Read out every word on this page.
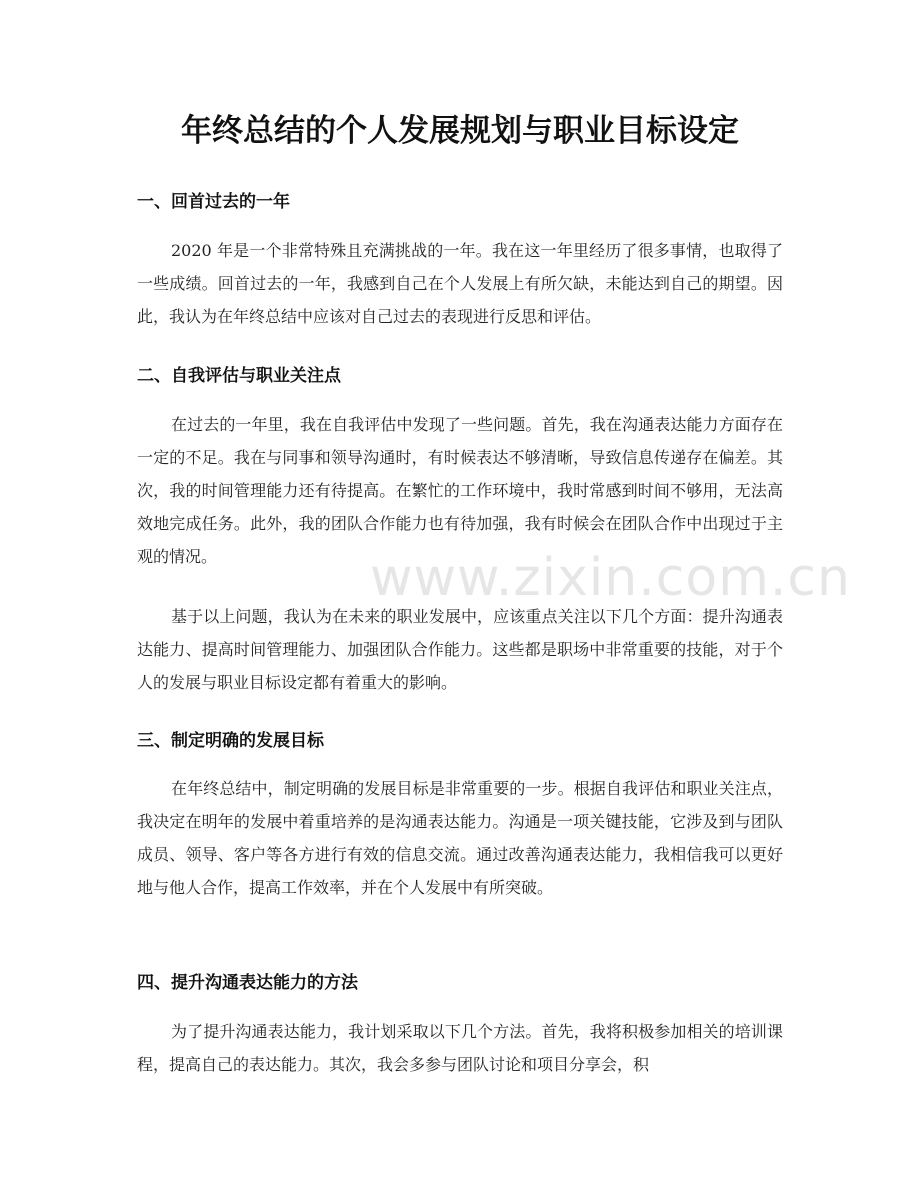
年终总结的个人发展规划与职业目标设定
一、回首过去的一年

2020 年是一个非常特殊且充满挑战的一年。我在这一年里经历了很多事情，也取得了一些成绩。回首过去的一年，我感到自己在个人发展上有所欠缺，未能达到自己的期望。因此，我认为在年终总结中应该对自己过去的表现进行反思和评估。

二、自我评估与职业关注点

在过去的一年里，我在自我评估中发现了一些问题。首先，我在沟通表达能力方面存在一定的不足。我在与同事和领导沟通时，有时候表达不够清晰，导致信息传递存在偏差。其次，我的时间管理能力还有待提高。在繁忙的工作环境中，我时常感到时间不够用，无法高效地完成任务。此外，我的团队合作能力也有待加强，我有时候会在团队合作中出现过于主观的情况。

基于以上问题，我认为在未来的职业发展中，应该重点关注以下几个方面：提升沟通表达能力、提高时间管理能力、加强团队合作能力。这些都是职场中非常重要的技能，对于个人的发展与职业目标设定都有着重大的影响。

三、制定明确的发展目标

在年终总结中，制定明确的发展目标是非常重要的一步。根据自我评估和职业关注点，我决定在明年的发展中着重培养的是沟通表达能力。沟通是一项关键技能，它涉及到与团队成员、领导、客户等各方进行有效的信息交流。通过改善沟通表达能力，我相信我可以更好地与他人合作，提高工作效率，并在个人发展中有所突破。

四、提升沟通表达能力的方法

为了提升沟通表达能力，我计划采取以下几个方法。首先，我将积极参加相关的培训课程，提高自己的表达能力。其次，我会多参与团队讨论和项目分享会，积

www.zixin.com.cn
